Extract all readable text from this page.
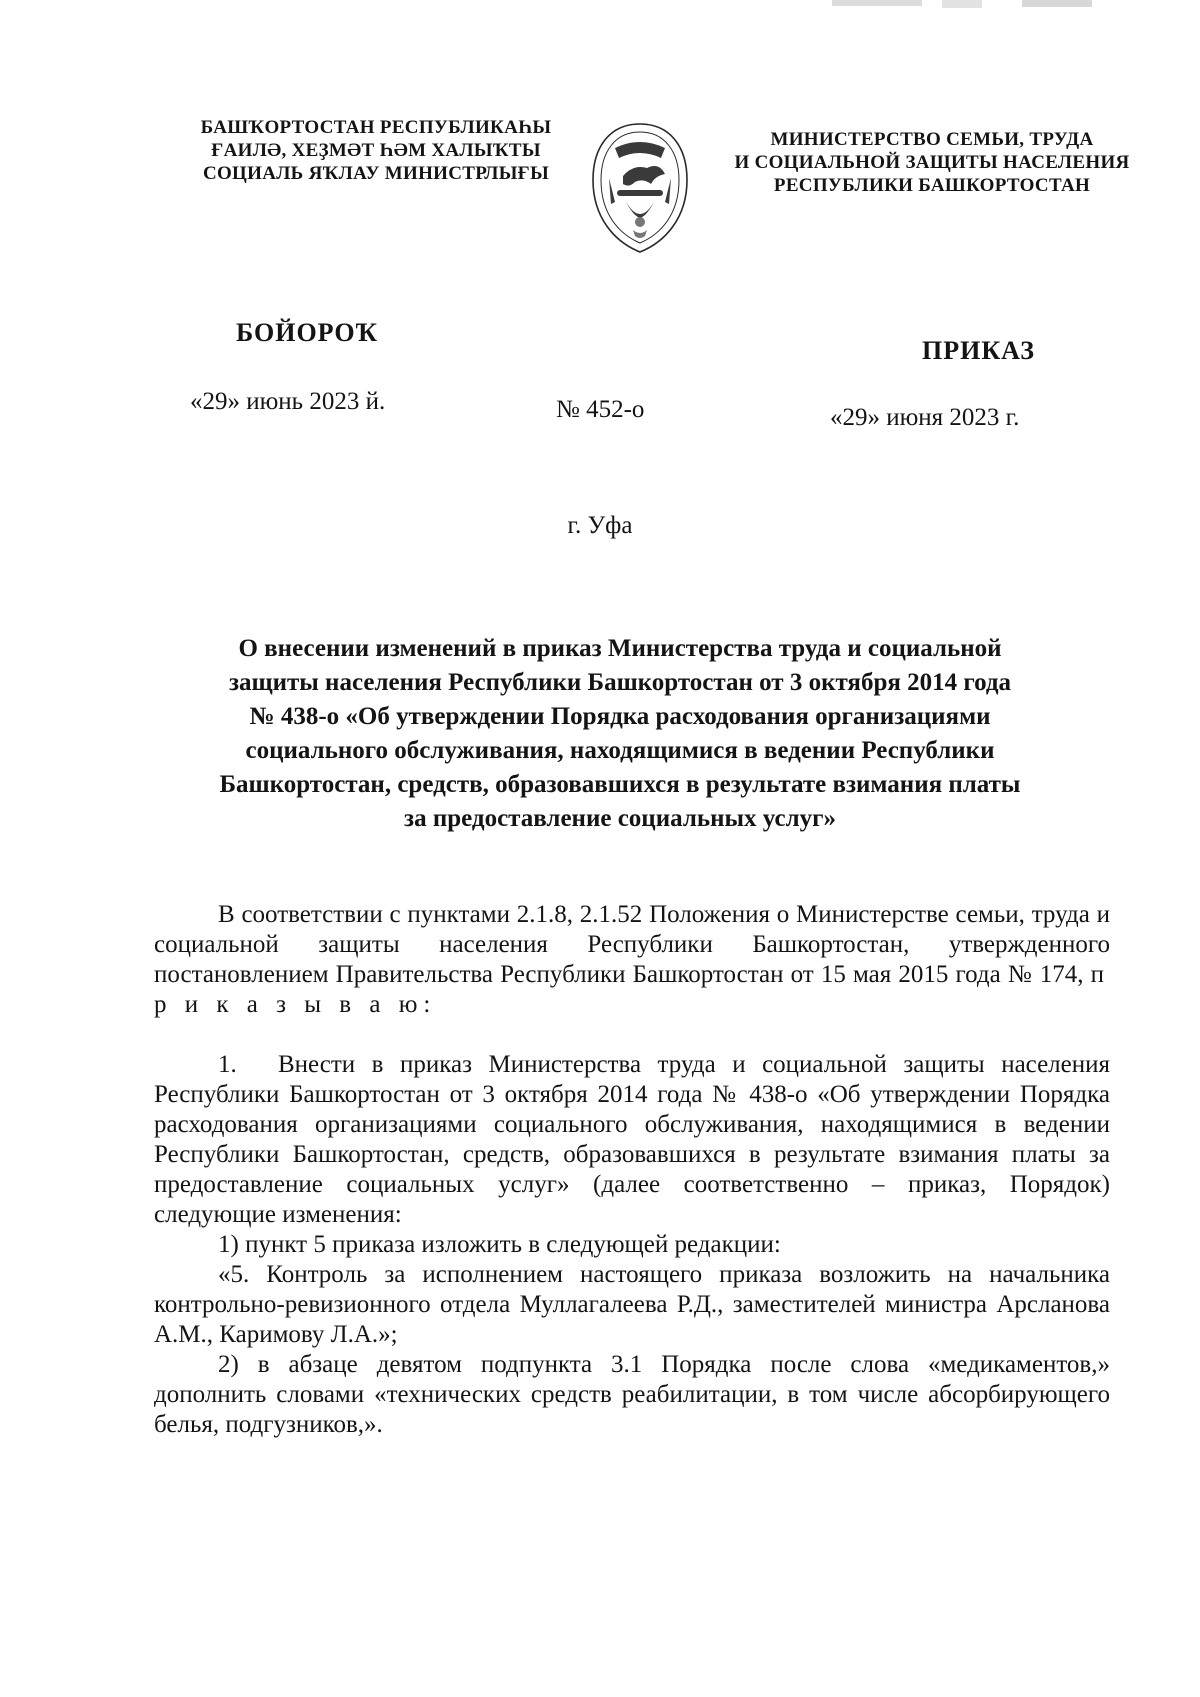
БАШҠОРТОСТАН РЕСПУБЛИКАҺЫ
ҒАИЛӘ, ХЕҘМӘТ ҺӘМ ХАЛЫҠТЫ
СОЦИАЛЬ ЯҠЛАУ МИНИСТРЛЫҒЫ
МИНИСТЕРСТВО СЕМЬИ, ТРУДА
И СОЦИАЛЬНОЙ ЗАЩИТЫ НАСЕЛЕНИЯ
РЕСПУБЛИКИ БАШКОРТОСТАН
БОЙОРОҠ
ПРИКАЗ
«29» июнь 2023 й.	№ 452-о	«29» июня 2023 г.
г. Уфа
О внесении изменений в приказ Министерства труда и социальной
защиты населения Республики Башкортостан от 3 октября 2014 года
№ 438-о «Об утверждении Порядка расходования организациями
социального обслуживания, находящимися в ведении Республики
Башкортостан, средств, образовавшихся в результате взимания платы
за предоставление социальных услуг»

В соответствии с пунктами 2.1.8, 2.1.52 Положения о Министерстве семьи, труда и социальной защиты населения Республики Башкортостан, утвержденного постановлением Правительства Республики Башкортостан от 15 мая 2015 года № 174, п р и к а з ы в а ю:

1. Внести в приказ Министерства труда и социальной защиты населения Республики Башкортостан от 3 октября 2014 года № 438-о «Об утверждении Порядка расходования организациями социального обслуживания, находящимися в ведении Республики Башкортостан, средств, образовавшихся в результате взимания платы за предоставление социальных услуг» (далее соответственно – приказ, Порядок) следующие изменения:

1) пункт 5 приказа изложить в следующей редакции:

«5. Контроль за исполнением настоящего приказа возложить на начальника контрольно-ревизионного отдела Муллагалеева Р.Д., заместителей министра Арсланова А.М., Каримову Л.А.»;

2) в абзаце девятом подпункта 3.1 Порядка после слова «медикаментов,» дополнить словами «технических средств реабилитации, в том числе абсорбирующего белья, подгузников,».
